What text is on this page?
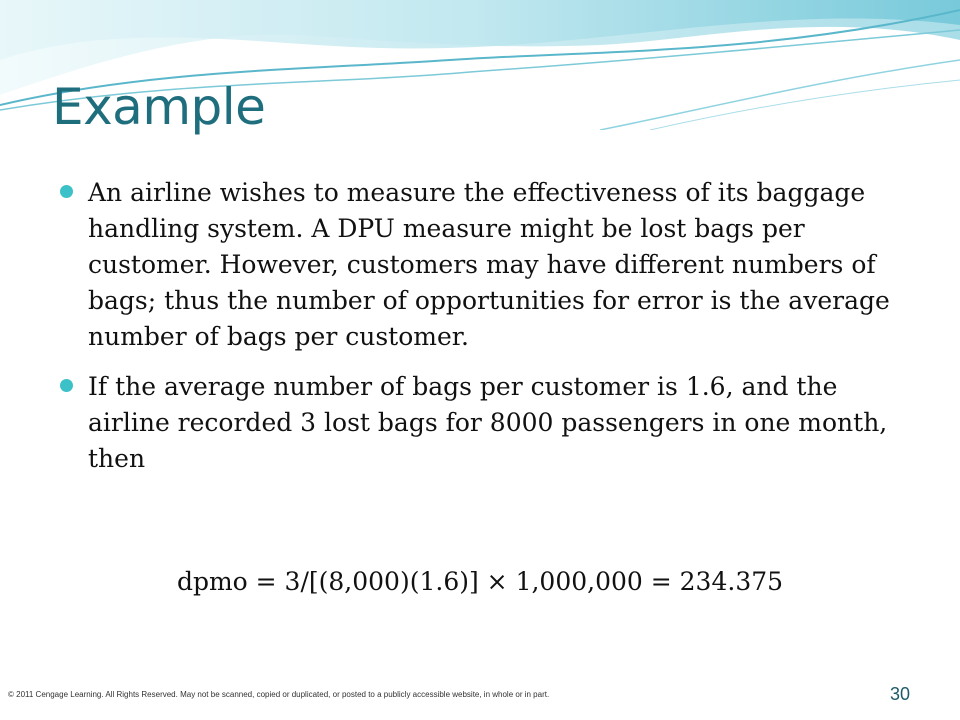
Example
An airline wishes to measure the effectiveness of its baggage handling system. A DPU measure might be lost bags per customer. However, customers may have different numbers of bags; thus the number of opportunities for error is the average number of bags per customer.
If the average number of bags per customer is 1.6, and the airline recorded 3 lost bags for 8000 passengers in one month, then
dpmo = 3/[(8,000)(1.6)] × 1,000,000 = 234.375
© 2011 Cengage Learning. All Rights Reserved. May not be scanned, copied or duplicated, or posted to a publicly accessible website, in whole or in part.	30
